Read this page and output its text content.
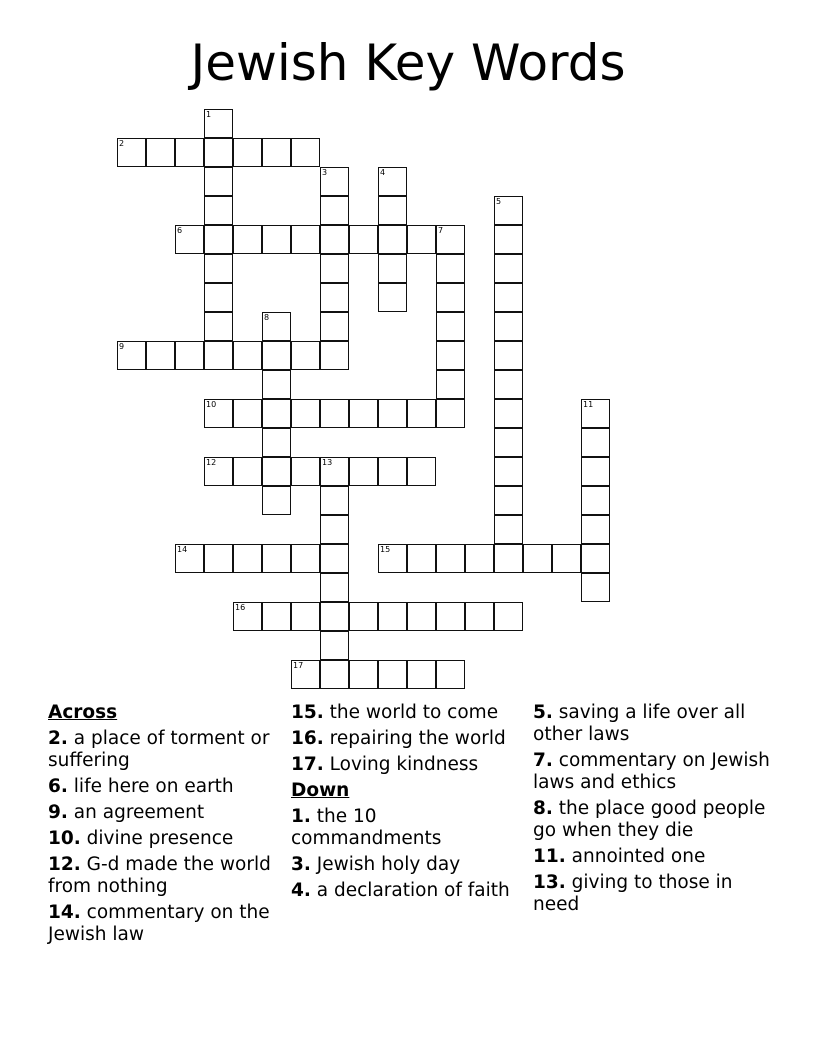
Jewish Key Words
2
6
9
10
12	13
14	15
16
17
1
3	4
5
7
8
11
Across
2. a place of torment or suffering
6. life here on earth
9. an agreement
10. divine presence
12. G-d made the world from nothing
14. commentary on the Jewish law
15. the world to come
16. repairing the world
17. Loving kindness
Down
1. the 10 commandments
3. Jewish holy day
4. a declaration of faith
5. saving a life over all other laws
7. commentary on Jewish laws and ethics
8. the place good people go when they die
11. annointed one
13. giving to those in need
